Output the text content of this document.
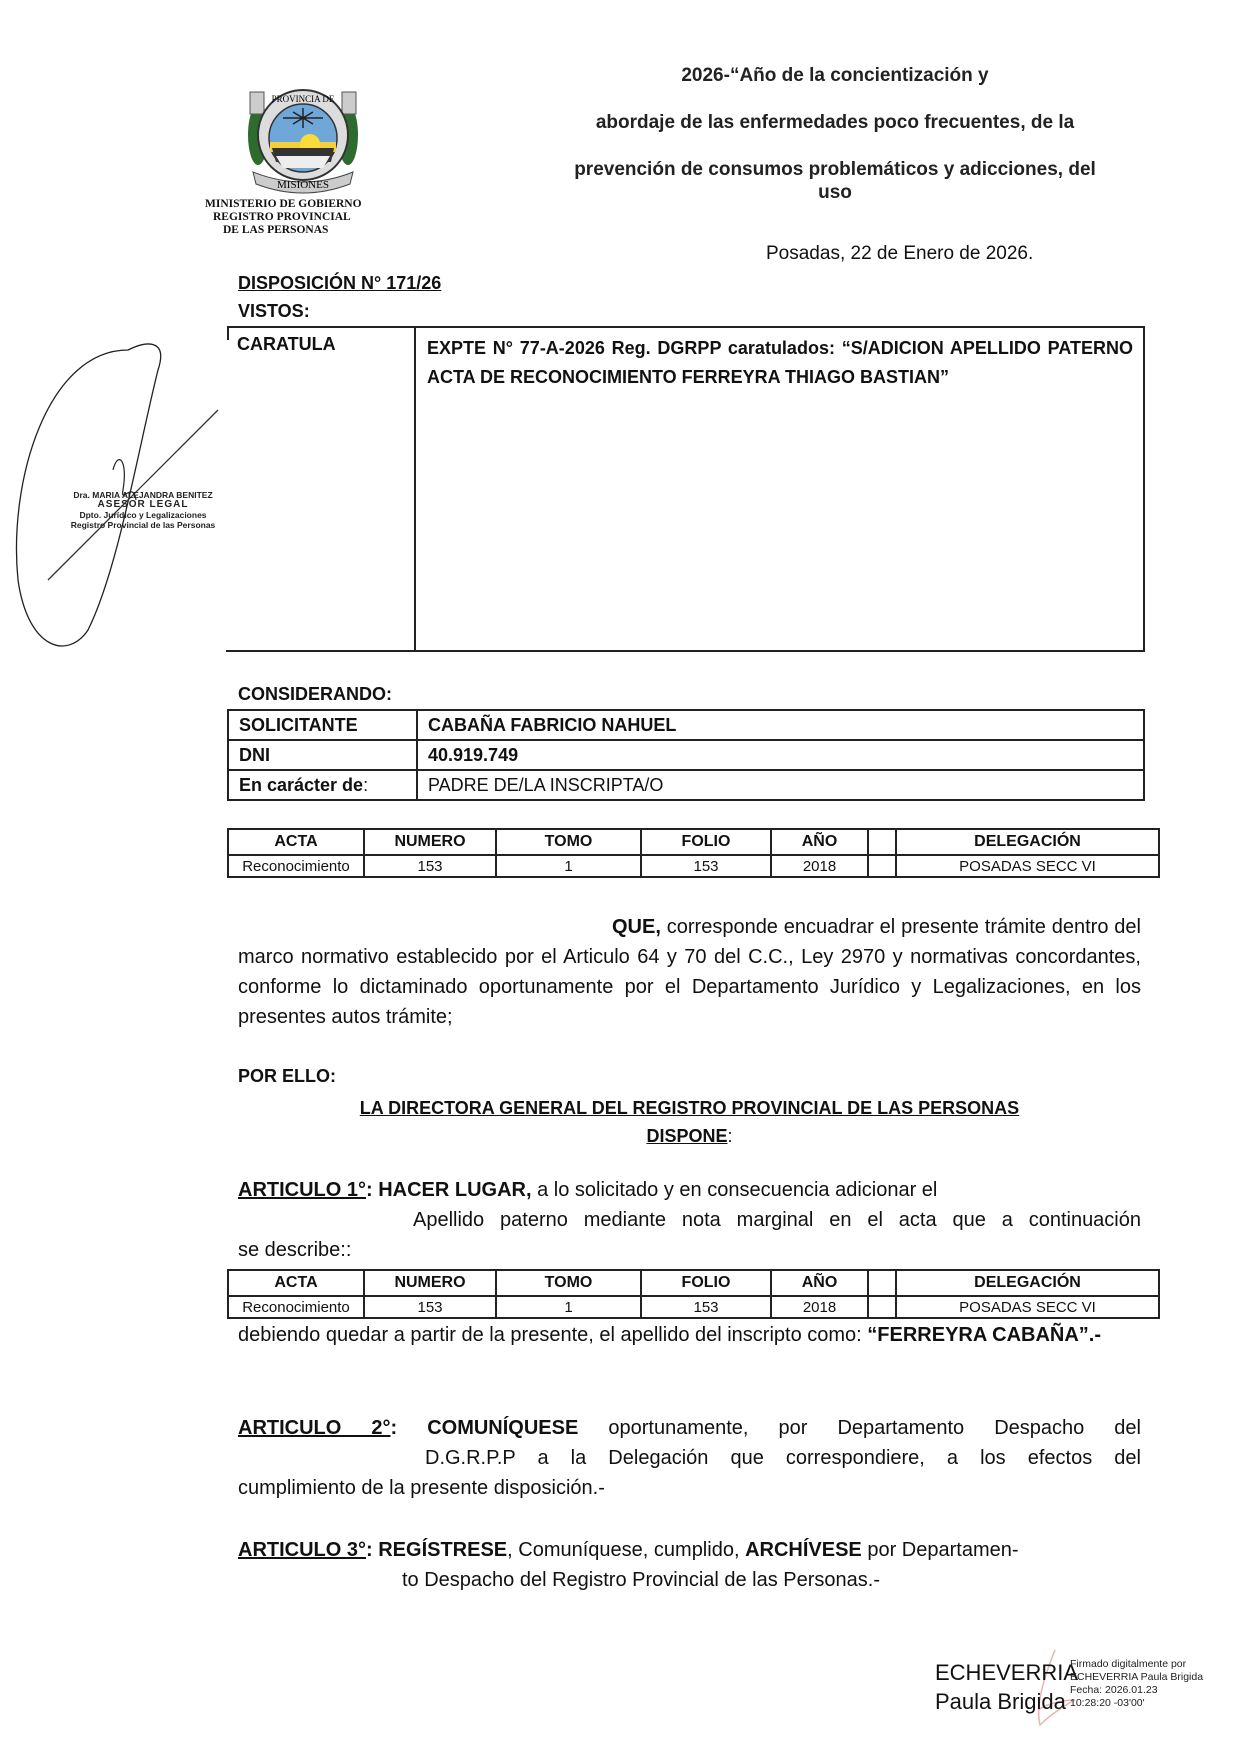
MISIONES
PROVINCIA DE
MINISTERIO DE GOBIERNO
REGISTRO PROVINCIAL
DE LAS PERSONAS
2026-“Año de la concientización y
abordaje de las enfermedades poco frecuentes, de la
prevención de consumos problemáticos y adicciones, del
uso
Posadas, 22 de Enero de 2026.
DISPOSICIÓN N° 171/26
VISTOS:
Dra. MARIA ALEJANDRA BENITEZ
ASESOR LEGAL
Dpto. Jurídico y Legalizaciones
Registro Provincial de las Personas
CARATULA	EXPTE N° 77-A-2026 Reg. DGRPP caratulados: “S/ADICION APELLIDO PATERNO ACTA DE RECONOCIMIENTO FERREYRA THIAGO BASTIAN”
CONSIDERANDO:
SOLICITANTE	CABAÑA FABRICIO NAHUEL
DNI	40.919.749
En carácter de:	PADRE DE/LA INSCRIPTA/O
ACTA	NUMERO	TOMO	FOLIO	AÑO		DELEGACIÓN
Reconocimiento	153	1	153	2018		POSADAS SECC VI
QUE, corresponde encuadrar el presente trámite dentro del marco normativo establecido por el Articulo 64 y 70 del C.C., Ley 2970 y normativas concordantes, conforme lo dictaminado oportunamente por el Departamento Jurídico y Legalizaciones, en los presentes autos trámite;
POR ELLO:
LA DIRECTORA GENERAL DEL REGISTRO PROVINCIAL DE LAS PERSONAS
DISPONE:
ARTICULO 1°: HACER LUGAR, a lo solicitado y en consecuencia adicionar el
Apellido paterno mediante nota marginal en el acta que a continuación
se describe::
ACTA	NUMERO	TOMO	FOLIO	AÑO		DELEGACIÓN
Reconocimiento	153	1	153	2018		POSADAS SECC VI
debiendo quedar a partir de la presente, el apellido del inscripto como: “FERREYRA CABAÑA”.-
ARTICULO 2°: COMUNÍQUESE oportunamente, por Departamento Despacho del
D.G.R.P.P a la Delegación que correspondiere, a los efectos del
cumplimiento de la presente disposición.-
ARTICULO 3°: REGÍSTRESE, Comuníquese, cumplido, ARCHÍVESE por Departamen-
to Despacho del Registro Provincial de las Personas.-
ECHEVERRIA
Paula Brigida
Firmado digitalmente por
ECHEVERRIA Paula Brigida
Fecha: 2026.01.23
10:28:20 -03'00'
